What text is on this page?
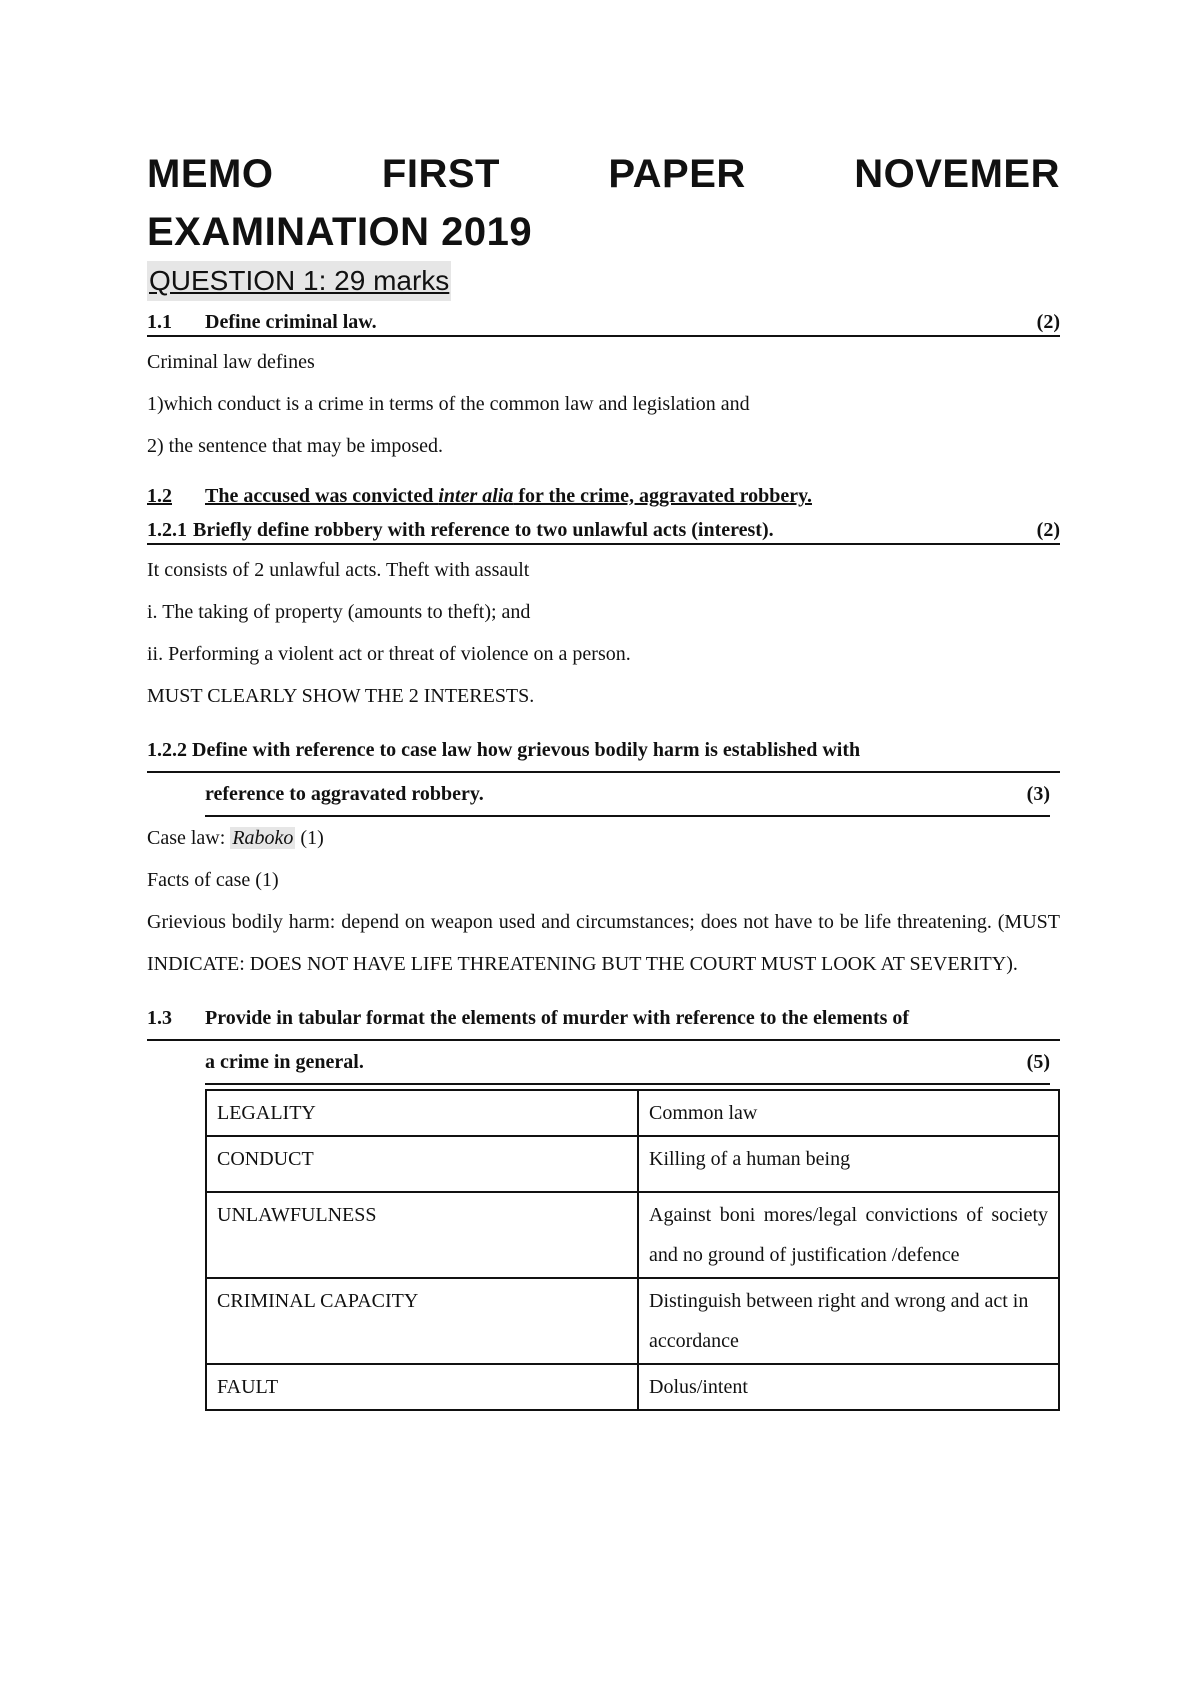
MEMO	FIRST	PAPER	NOVEMER
EXAMINATION 2019
QUESTION 1: 29 marks
1.1	Define criminal law.	(2)

Criminal law defines

1)which conduct is a crime in terms of the common law and legislation and

2) the sentence that may be imposed.

1.2	The accused was convicted inter alia for the crime, aggravated robbery.
1.2.1 Briefly define robbery with reference to two unlawful acts (interest).	(2)

It consists of 2 unlawful acts. Theft with assault

i. The taking of property (amounts to theft); and

ii. Performing a violent act or threat of violence on a person.

MUST CLEARLY SHOW THE 2 INTERESTS.

1.2.2 Define with reference to case law how grievous bodily harm is established with
reference to aggravated robbery.	(3)

Case law: Raboko (1)

Facts of case (1)

Grievious bodily harm: depend on weapon used and circumstances; does not have to be life threatening. (MUST INDICATE: DOES NOT HAVE LIFE THREATENING BUT THE COURT MUST LOOK AT SEVERITY).

1.3 Provide in tabular format the elements of murder with reference to the elements of
a crime in general.	(5)
LEGALITY	Common law
CONDUCT	Killing of a human being
UNLAWFULNESS	Against boni mores/legal convictions of society and no ground of justification /defence
CRIMINAL CAPACITY	Distinguish between right and wrong and act in accordance
FAULT	Dolus/intent
